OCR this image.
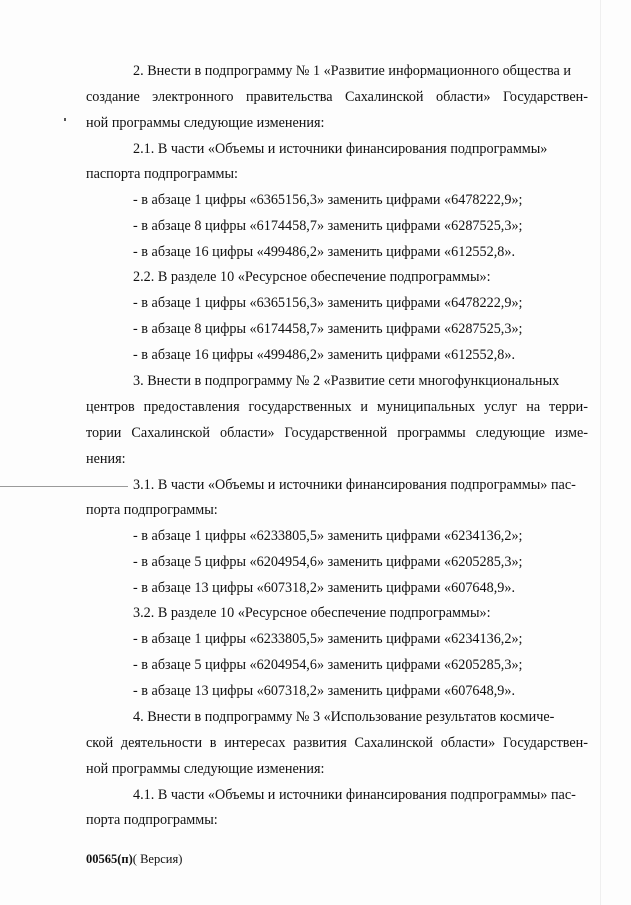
2. Внести в подпрограмму № 1 «Развитие информационного общества и
создание электронного правительства Сахалинской области» Государствен-
ной программы следующие изменения:
2.1. В части «Объемы и источники финансирования подпрограммы»
паспорта подпрограммы:
- в абзаце 1 цифры «6365156,3» заменить цифрами «6478222,9»;
- в абзаце 8 цифры «6174458,7» заменить цифрами «6287525,3»;
- в абзаце 16 цифры «499486,2» заменить цифрами «612552,8».
2.2. В разделе 10 «Ресурсное обеспечение подпрограммы»:
- в абзаце 1 цифры «6365156,3» заменить цифрами «6478222,9»;
- в абзаце 8 цифры «6174458,7» заменить цифрами «6287525,3»;
- в абзаце 16 цифры «499486,2» заменить цифрами «612552,8».
3. Внести в подпрограмму № 2 «Развитие сети многофункциональных
центров предоставления государственных и муниципальных услуг на терри-
тории Сахалинской области» Государственной программы следующие изме-
нения:
3.1. В части «Объемы и источники финансирования подпрограммы» пас-
порта подпрограммы:
- в абзаце 1 цифры «6233805,5» заменить цифрами «6234136,2»;
- в абзаце 5 цифры «6204954,6» заменить цифрами «6205285,3»;
- в абзаце 13 цифры «607318,2» заменить цифрами «607648,9».
3.2. В разделе 10 «Ресурсное обеспечение подпрограммы»:
- в абзаце 1 цифры «6233805,5» заменить цифрами «6234136,2»;
- в абзаце 5 цифры «6204954,6» заменить цифрами «6205285,3»;
- в абзаце 13 цифры «607318,2» заменить цифрами «607648,9».
4. Внести в подпрограмму № 3 «Использование результатов космиче-
ской деятельности в интересах развития Сахалинской области» Государствен-
ной программы следующие изменения:
4.1. В части «Объемы и источники финансирования подпрограммы» пас-
порта подпрограммы:
00565(п)( Версия)
